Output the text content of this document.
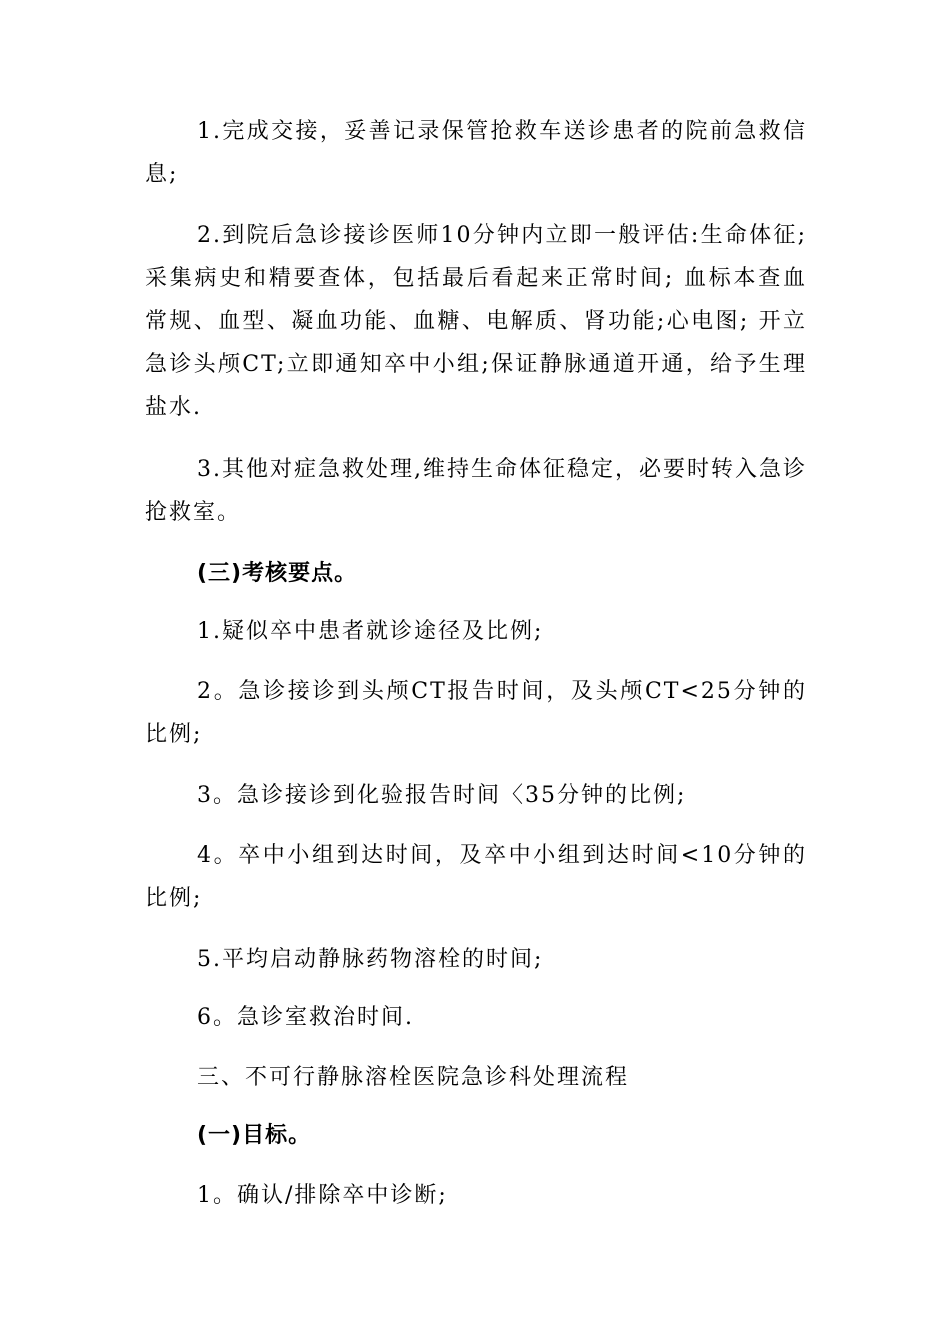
1.完成交接，妥善记录保管抢救车送诊患者的院前急救信息;

2.到院后急诊接诊医师10分钟内立即一般评估:生命体征;采集病史和精要查体，包括最后看起来正常时间; 血标本查血常规、血型、凝血功能、血糖、电解质、肾功能;心电图; 开立急诊头颅CT;立即通知卒中小组;保证静脉通道开通，给予生理盐水.

3.其他对症急救处理,维持生命体征稳定，必要时转入急诊抢救室。

(三)考核要点。

1.疑似卒中患者就诊途径及比例;

2。急诊接诊到头颅CT报告时间，及头颅CT<25分钟的比例;

3。急诊接诊到化验报告时间〈35分钟的比例;

4。卒中小组到达时间，及卒中小组到达时间<10分钟的比例;

5.平均启动静脉药物溶栓的时间;

6。急诊室救治时间.

三、不可行静脉溶栓医院急诊科处理流程

(一)目标。

1。确认/排除卒中诊断;
